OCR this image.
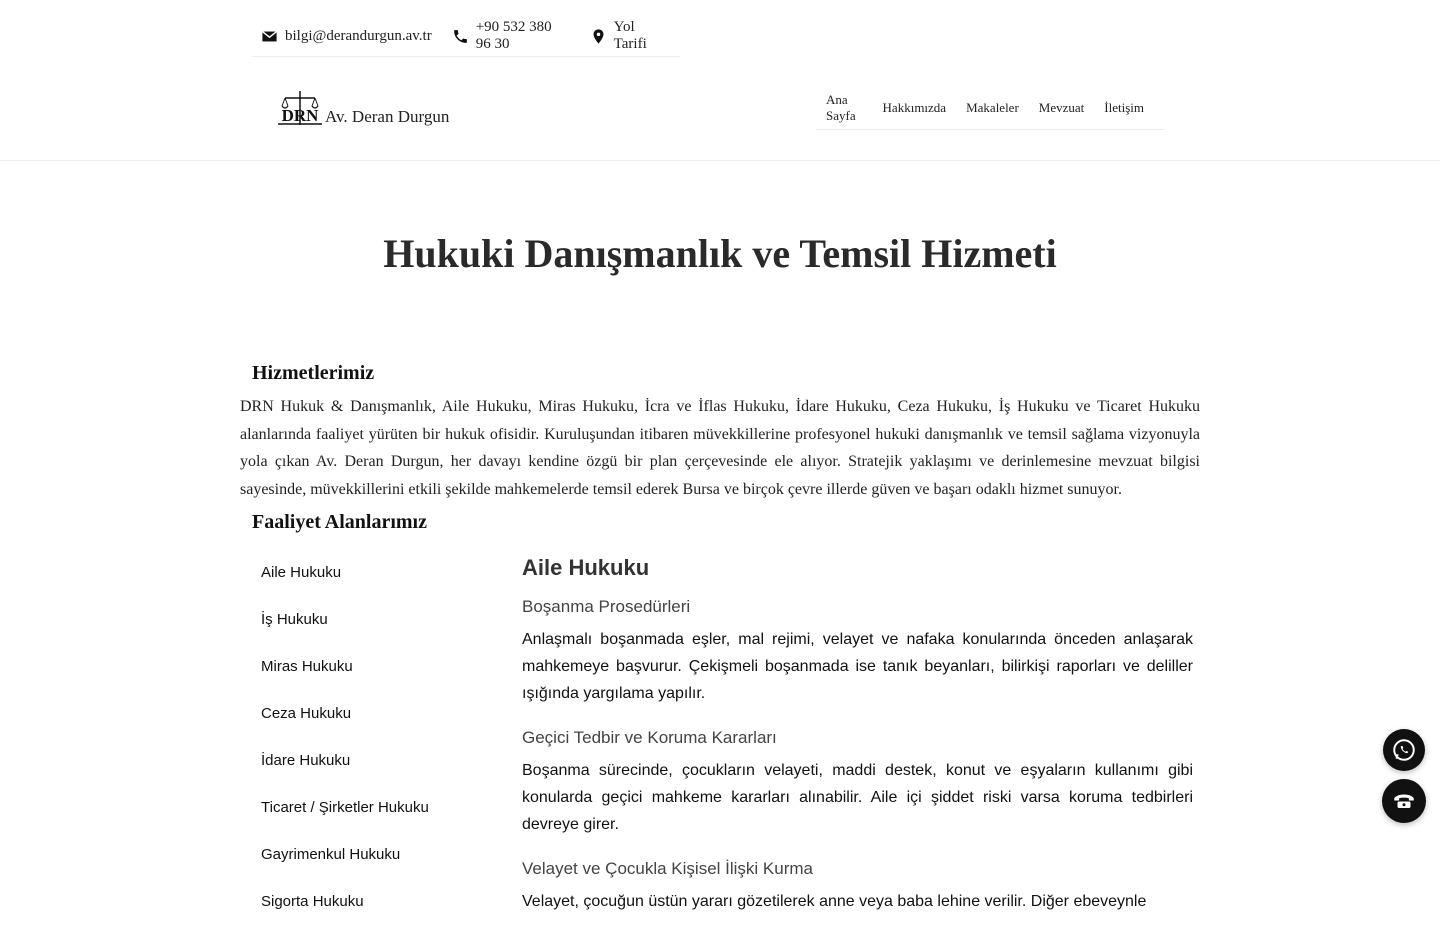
bilgi@derandurgun.av.tr
+90 532 380 96 30
Yol Tarifi
DRN Av. Deran Durgun
Ana Sayfa
Hakkımızda Makaleler Mevzuat İletişim
Hukuki Danışmanlık ve Temsil Hizmeti
Hizmetlerimiz

DRN Hukuk & Danışmanlık, Aile Hukuku, Miras Hukuku, İcra ve İflas Hukuku, İdare Hukuku, Ceza Hukuku, İş Hukuku ve Ticaret Hukuku alanlarında faaliyet yürüten bir hukuk ofisidir. Kuruluşundan itibaren müvekkillerine profesyonel hukuki danışmanlık ve temsil sağlama vizyonuyla yola çıkan Av. Deran Durgun, her davayı kendine özgü bir plan çerçevesinde ele alıyor. Stratejik yaklaşımı ve derinlemesine mevzuat bilgisi sayesinde, müvekkillerini etkili şekilde mahkemelerde temsil ederek Bursa ve birçok çevre illerde güven ve başarı odaklı hizmet sunuyor.

Faaliyet Alanlarımız
Aile Hukuku
İş Hukuku
Miras Hukuku
Ceza Hukuku
İdare Hukuku
Ticaret / Şirketler Hukuku
Gayrimenkul Hukuku
Sigorta Hukuku
Aile Hukuku
Boşanma Prosedürleri

Anlaşmalı boşanmada eşler, mal rejimi, velayet ve nafaka konularında önceden anlaşarak mahkemeye başvurur. Çekişmeli boşanmada ise tanık beyanları, bilirkişi raporları ve deliller ışığında yargılama yapılır.

Geçici Tedbir ve Koruma Kararları

Boşanma sürecinde, çocukların velayeti, maddi destek, konut ve eşyaların kullanımı gibi konularda geçici mahkeme kararları alınabilir. Aile içi şiddet riski varsa koruma tedbirleri devreye girer.

Velayet ve Çocukla Kişisel İlişki Kurma

Velayet, çocuğun üstün yararı gözetilerek anne veya baba lehine verilir. Diğer ebeveynle
